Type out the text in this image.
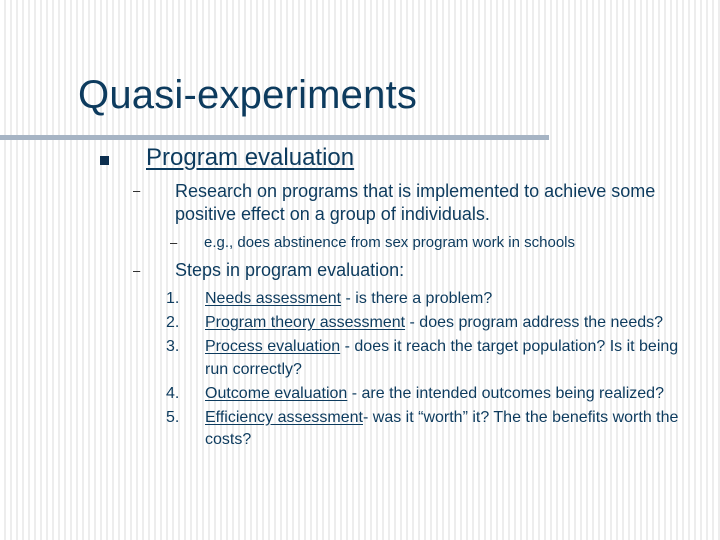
Quasi-experiments

Program evaluation

– Research on programs that is implemented to achieve some positive effect on a group of individuals.

– e.g., does abstinence from sex program work in schools

– Steps in program evaluation:

1.	Needs assessment - is there a problem?
2.	Program theory assessment - does program address the needs?
3.	Process evaluation - does it reach the target population? Is it being run correctly?
4.	Outcome evaluation - are the intended outcomes being realized?
5.	Efficiency assessment- was it “worth” it? The the benefits worth the costs?
